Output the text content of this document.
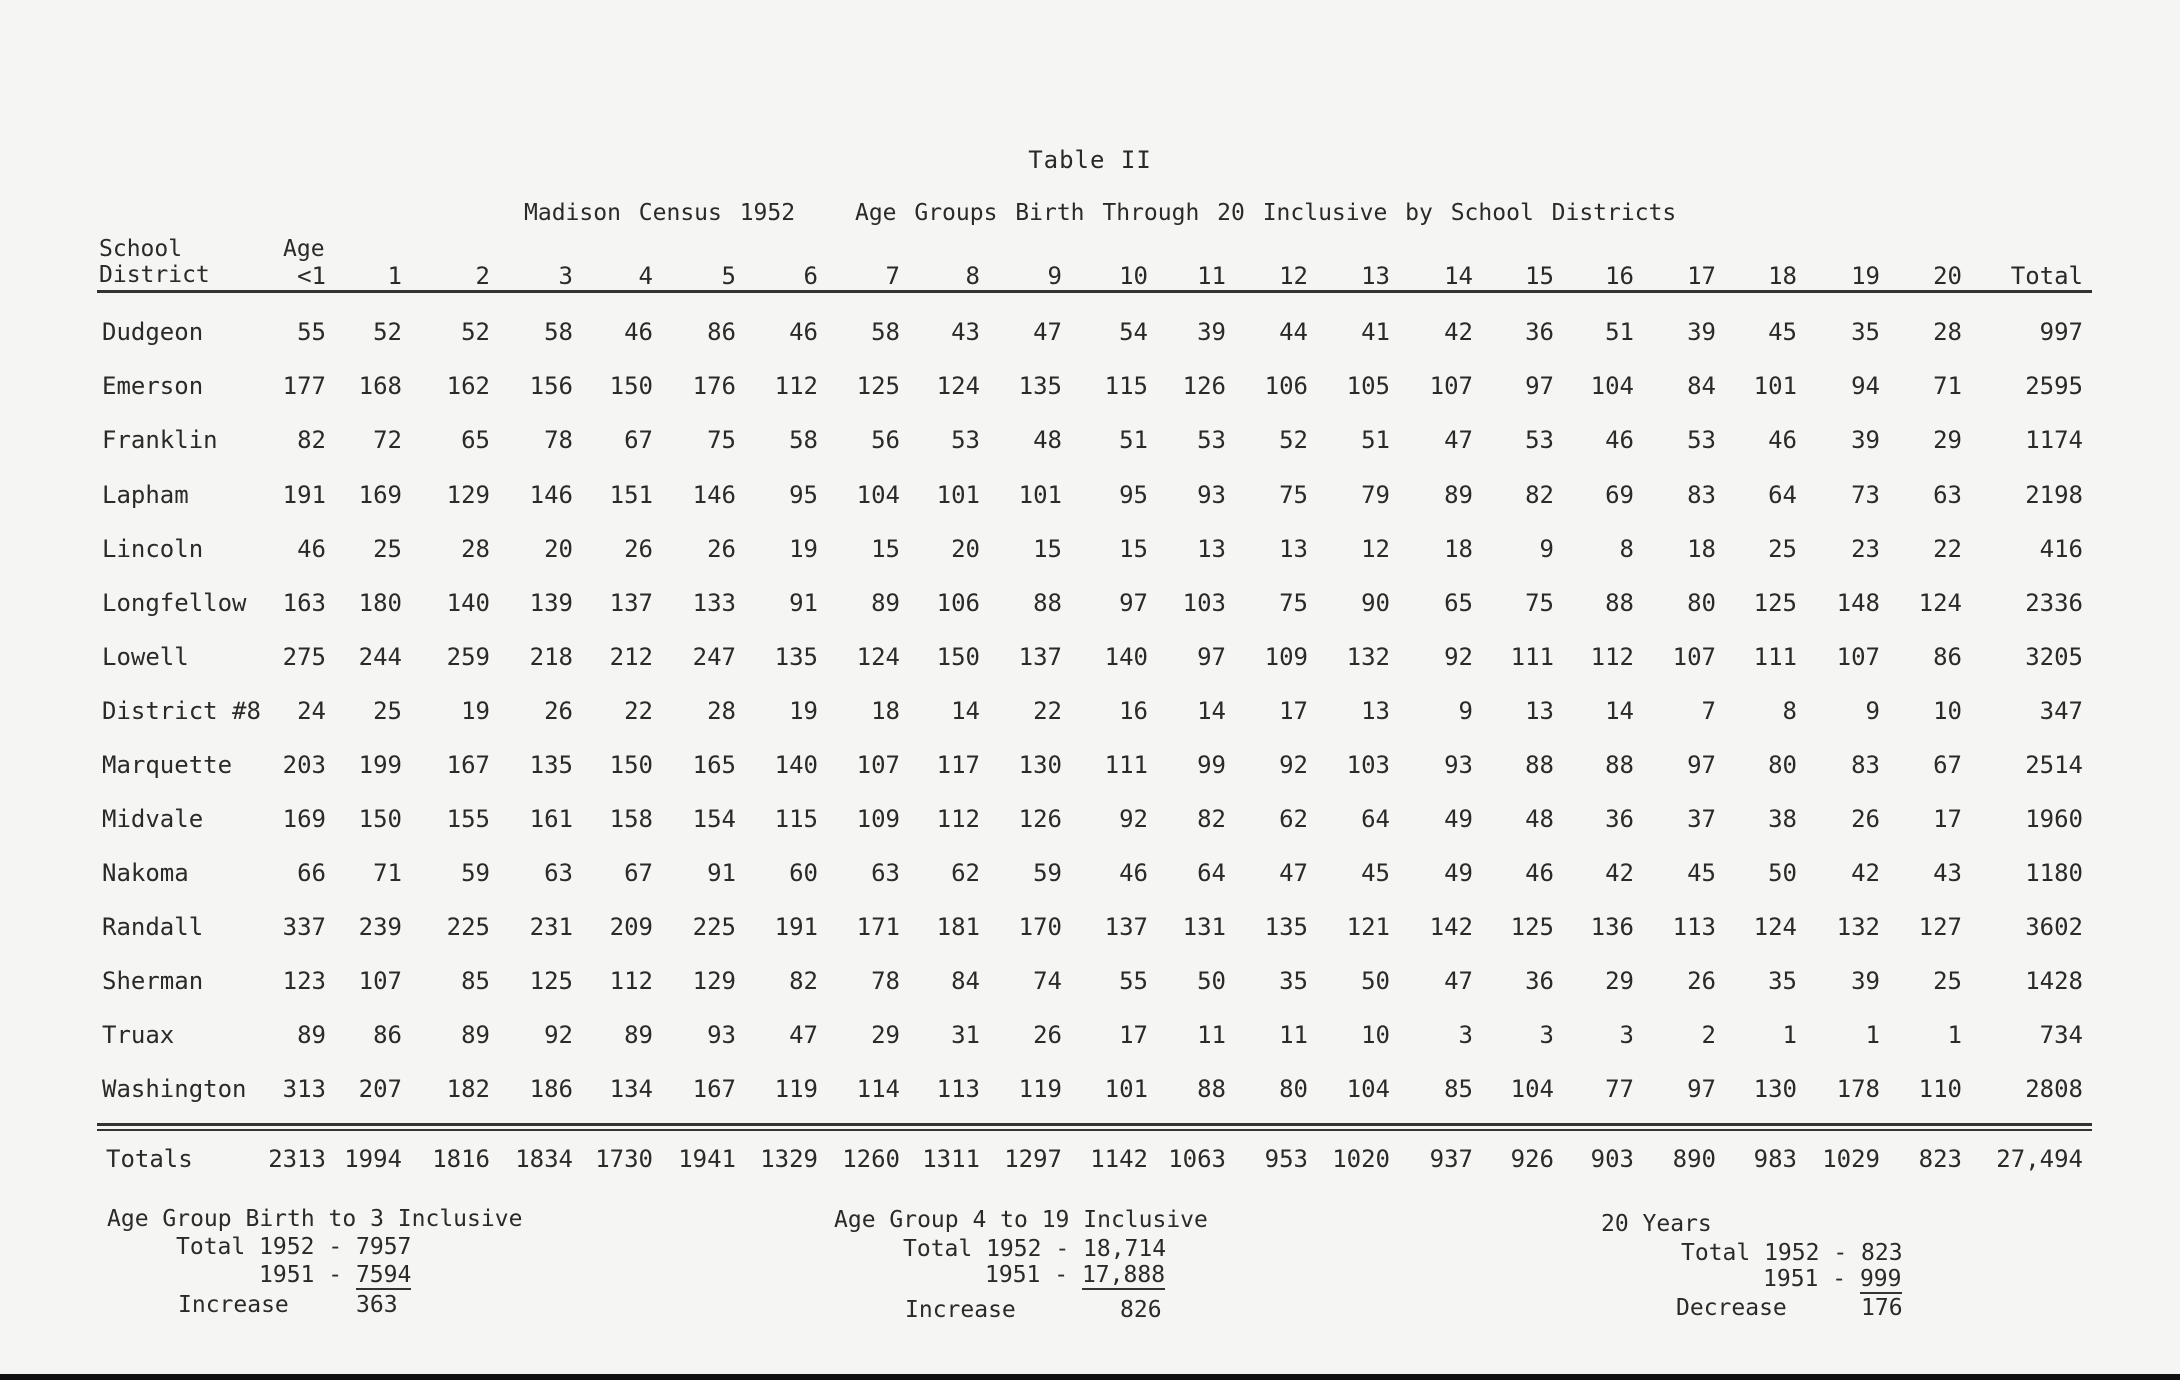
Table II
Madison Census 1952	Age Groups Birth Through 20 Inclusive by School Districts
School
District
Age
<1	1	2	3	4	5	6	7	8	9	10	11	12	13	14	15	16	17	18	19	20	Total
Dudgeon	55	52	52	58	46	86	46	58	43	47	54	39	44	41	42	36	51	39	45	35	28	997
Emerson	177	168	162	156	150	176	112	125	124	135	115	126	106	105	107	97	104	84	101	94	71	2595
Franklin	82	72	65	78	67	75	58	56	53	48	51	53	52	51	47	53	46	53	46	39	29	1174
Lapham	191	169	129	146	151	146	95	104	101	101	95	93	75	79	89	82	69	83	64	73	63	2198
Lincoln	46	25	28	20	26	26	19	15	20	15	15	13	13	12	18	9	8	18	25	23	22	416
Longfellow	163	180	140	139	137	133	91	89	106	88	97	103	75	90	65	75	88	80	125	148	124	2336
Lowell	275	244	259	218	212	247	135	124	150	137	140	97	109	132	92	111	112	107	111	107	86	3205
District #8	24	25	19	26	22	28	19	18	14	22	16	14	17	13	9	13	14	7	8	9	10	347
Marquette	203	199	167	135	150	165	140	107	117	130	111	99	92	103	93	88	88	97	80	83	67	2514
Midvale	169	150	155	161	158	154	115	109	112	126	92	82	62	64	49	48	36	37	38	26	17	1960
Nakoma	66	71	59	63	67	91	60	63	62	59	46	64	47	45	49	46	42	45	50	42	43	1180
Randall	337	239	225	231	209	225	191	171	181	170	137	131	135	121	142	125	136	113	124	132	127	3602
Sherman	123	107	85	125	112	129	82	78	84	74	55	50	35	50	47	36	29	26	35	39	25	1428
Truax	89	86	89	92	89	93	47	29	31	26	17	11	11	10	3	3	3	2	1	1	1	734
Washington	313	207	182	186	134	167	119	114	113	119	101	88	80	104	85	104	77	97	130	178	110	2808
Totals	2313 1994	1816	1834 1730	1941	1329	1260 1311	1297	1142 1063	953	1020	937	926	903	890	983	1029	823	27,494
Age Group Birth to 3 Inclusive
Total 1952 - 7957
1951 - 7594
Increase	363
Age Group 4 to 19 Inclusive
Total 1952 - 18,714
1951 - 17,888
Increase	826
20 Years
Total 1952 - 823
1951 - 999
Decrease	176
